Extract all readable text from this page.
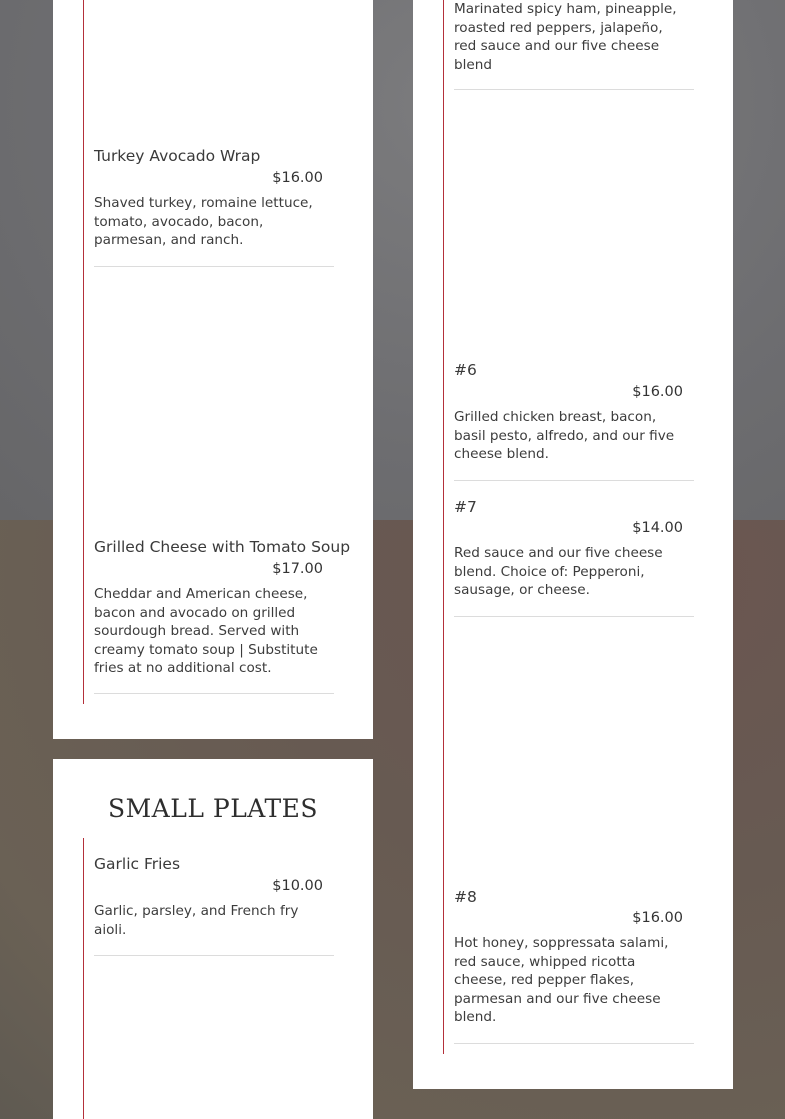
Turkey Avocado Wrap
$16.00
Shaved turkey, romaine lettuce,
tomato, avocado, bacon,
parmesan, and ranch.
Grilled Cheese with Tomato Soup
$17.00
Cheddar and American cheese,
bacon and avocado on grilled
sourdough bread. Served with
creamy tomato soup | Substitute
fries at no additional cost.
SMALL PLATES
Garlic Fries
$10.00
Garlic, parsley, and French fry
aioli.
Marinated spicy ham, pineapple,
roasted red peppers, jalapeño,
red sauce and our five cheese
blend
#6
$16.00
Grilled chicken breast, bacon,
basil pesto, alfredo, and our five
cheese blend.
#7
$14.00
Red sauce and our five cheese
blend. Choice of: Pepperoni,
sausage, or cheese.
#8
$16.00
Hot honey, soppressata salami,
red sauce, whipped ricotta
cheese, red pepper flakes,
parmesan and our five cheese
blend.
